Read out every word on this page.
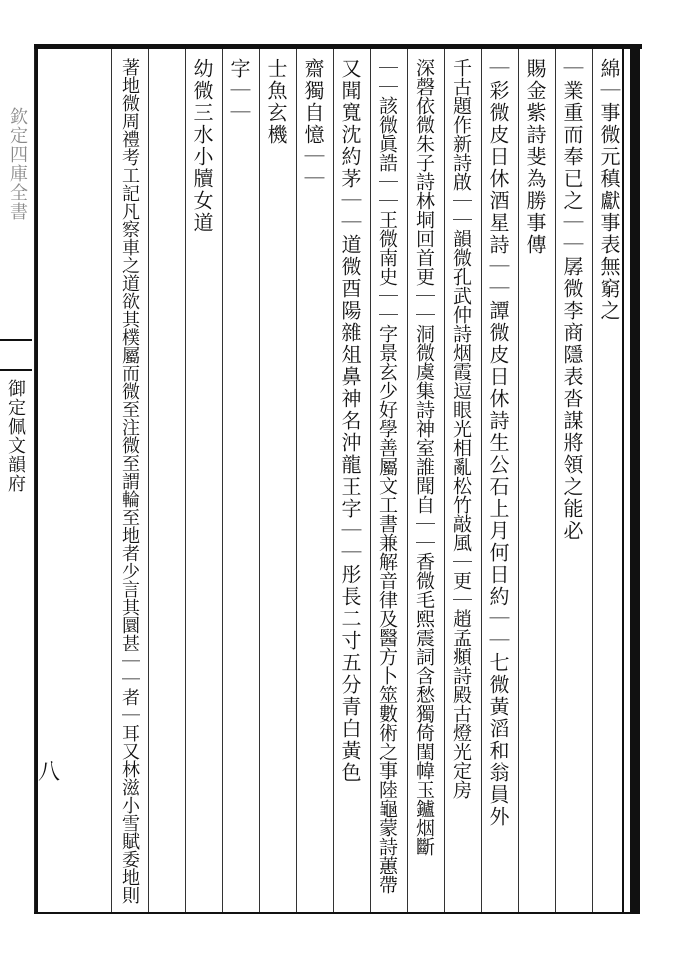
欽定四庫全書
御定佩文韻府
八
綿｜事微元稹獻事表無窮之
｜業重而奉已之｜｜孱微李商隱表沓謀將領之能必
賜金紫詩斐為勝事傳
｜彩微皮日休酒星詩｜｜譚微皮日休詩生公石上月何日約｜｜七微黃滔和翁員外
千古題作新詩啟｜｜韻微孔武仲詩烟霞逗眼光相亂松竹敲風｜更｜趙孟頫詩殿古燈光定房
深磬依微朱子詩林垌回首更｜｜洞微虞集詩神室誰聞自｜｜香微毛熙震詞含愁獨倚閨幃玉鑪烟斷
｜｜該微眞誥｜｜王微南史｜｜字景玄少好學善屬文工書兼解音律及醫方卜筮數術之事陸龜蒙詩蕙帶
又聞寬沈約茅｜｜道微酉陽雜俎鼻神名沖龍王字｜｜彤長二寸五分青白黃色
齋獨自憶｜｜
士魚玄機
字｜｜
著地微周禮考工記凡察車之道欲其樸屬而微至注微至謂輪至地者少言其圜甚｜｜者｜耳又林滋小雪賦委地則	幼微三水小牘女道
